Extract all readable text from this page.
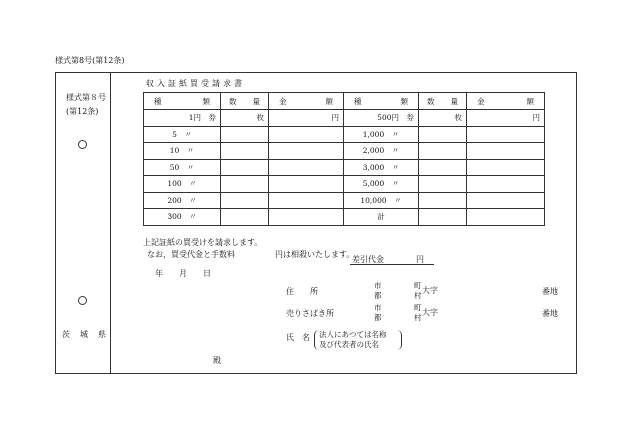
様式第8号(第12条)
様式第８号
(第12条)
茨　城　県
収入証紙買受請求書
種 類	数 量	金 額	種 類	数 量	金 額

1円　券	枚	円	500円　券	枚	円
5　〃			1,000　〃		
10　〃			2,000　〃		
50　〃			3,000　〃		
100　〃			5,000　〃		
200　〃			10,000　〃		
300　〃			計		
上記証紙の買受けを請求します。
なお，買受代金と手数料　　　　　円は相殺いたします。
差引代金　　　　円
年　　月　　日
住　　所
市
都
町
村
大字	番地
売りさばき所
市
都
町
村
大字	番地
氏　名 法人にあつては名称
及び代表者の氏名
殿
